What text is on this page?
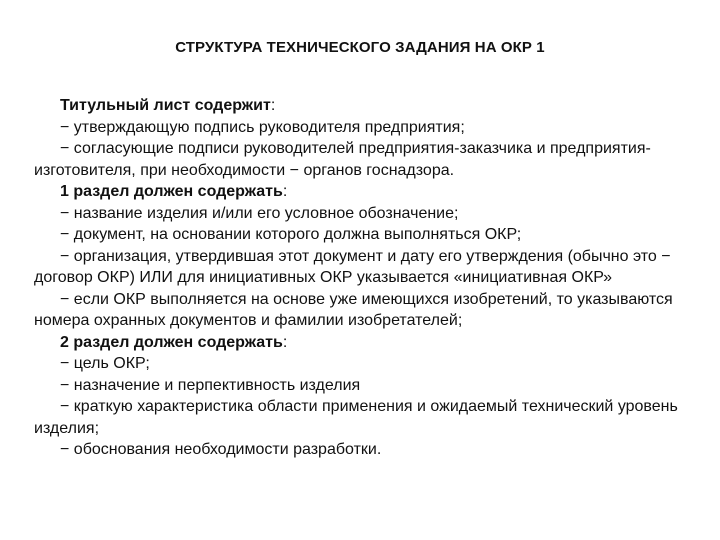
СТРУКТУРА ТЕХНИЧЕСКОГО ЗАДАНИЯ НА ОКР 1

Титульный лист содержит:

− утверждающую подпись руководителя предприятия;

− согласующие подписи руководителей предприятия-заказчика и предприятия-изготовителя, при необходимости − органов госнадзора.

1 раздел должен содержать:

− название изделия и/или его условное обозначение;

− документ, на основании которого должна выполняться ОКР;

− организация, утвердившая этот документ и дату его утверждения (обычно это − договор ОКР) ИЛИ для инициативных ОКР указывается «инициативная ОКР»

− если ОКР выполняется на основе уже имеющихся изобретений, то указываются номера охранных документов и фамилии изобретателей;

2 раздел должен содержать:

− цель ОКР;

− назначение и перпективность изделия

− краткую характеристика области применения и ожидаемый технический уровень изделия;

− обоснования необходимости разработки.
